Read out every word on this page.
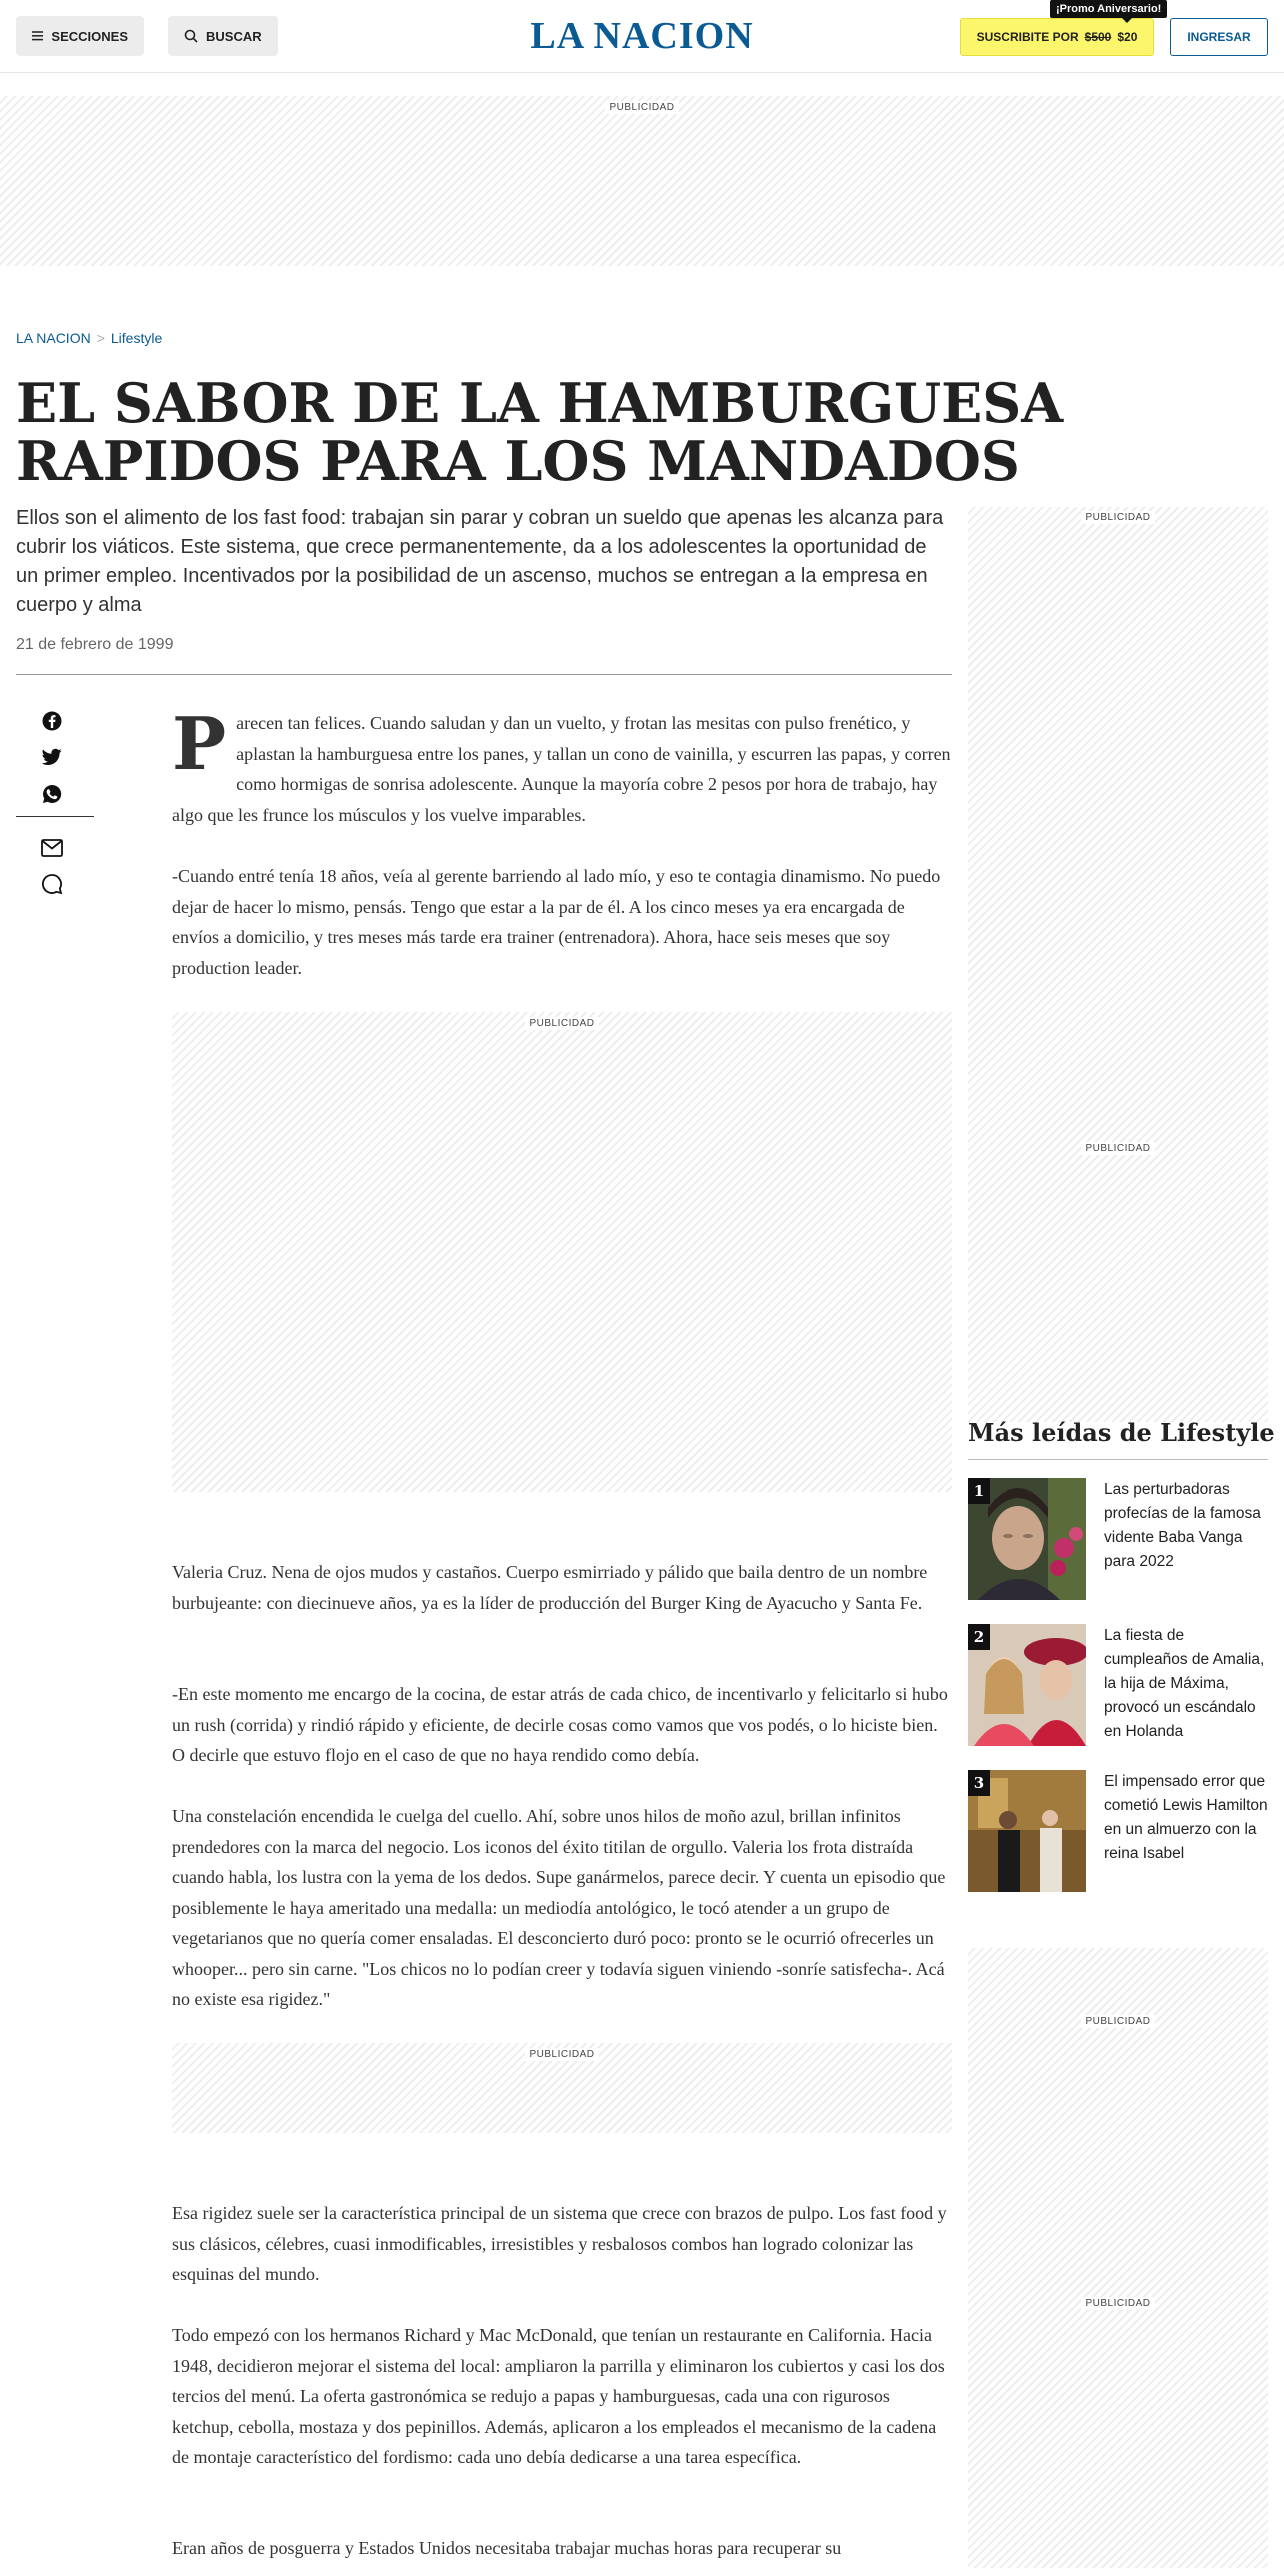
SECCIONES	BUSCAR	LA NACION	SUSCRIBITE POR $500 $20
¡Promo Aniversario!
INGRESAR
PUBLICIDAD
LA NACION > Lifestyle
EL SABOR DE LA HAMBURGUESA RAPIDOS PARA LOS MANDADOS

Ellos son el alimento de los fast food: trabajan sin parar y cobran un sueldo que apenas les alcanza para cubrir los viáticos. Este sistema, que crece permanentemente, da a los adolescentes la oportunidad de un primer empleo. Incentivados por la posibilidad de un ascenso, muchos se entregan a la empresa en cuerpo y alma

21 de febrero de 1999

Parecen tan felices. Cuando saludan y dan un vuelto, y frotan las mesitas con pulso frenético, y aplastan la hamburguesa entre los panes, y tallan un cono de vainilla, y escurren las papas, y corren como hormigas de sonrisa adolescente. Aunque la mayoría cobre 2 pesos por hora de trabajo, hay algo que les frunce los músculos y los vuelve imparables.

-Cuando entré tenía 18 años, veía al gerente barriendo al lado mío, y eso te contagia dinamismo. No puedo dejar de hacer lo mismo, pensás. Tengo que estar a la par de él. A los cinco meses ya era encargada de envíos a domicilio, y tres meses más tarde era trainer (entrenadora). Ahora, hace seis meses que soy production leader.

PUBLICIDAD

Valeria Cruz. Nena de ojos mudos y castaños. Cuerpo esmirriado y pálido que baila dentro de un nombre burbujeante: con diecinueve años, ya es la líder de producción del Burger King de Ayacucho y Santa Fe.

-En este momento me encargo de la cocina, de estar atrás de cada chico, de incentivarlo y felicitarlo si hubo un rush (corrida) y rindió rápido y eficiente, de decirle cosas como vamos que vos podés, o lo hiciste bien. O decirle que estuvo flojo en el caso de que no haya rendido como debía.

Una constelación encendida le cuelga del cuello. Ahí, sobre unos hilos de moño azul, brillan infinitos prendedores con la marca del negocio. Los iconos del éxito titilan de orgullo. Valeria los frota distraída cuando habla, los lustra con la yema de los dedos. Supe ganármelos, parece decir. Y cuenta un episodio que posiblemente le haya ameritado una medalla: un mediodía antológico, le tocó atender a un grupo de vegetarianos que no quería comer ensaladas. El desconcierto duró poco: pronto se le ocurrió ofrecerles un whooper... pero sin carne. "Los chicos no lo podían creer y todavía siguen viniendo -sonríe satisfecha-. Acá no existe esa rigidez."

PUBLICIDAD

Esa rigidez suele ser la característica principal de un sistema que crece con brazos de pulpo. Los fast food y sus clásicos, célebres, cuasi inmodificables, irresistibles y resbalosos combos han logrado colonizar las esquinas del mundo.

Todo empezó con los hermanos Richard y Mac McDonald, que tenían un restaurante en California. Hacia 1948, decidieron mejorar el sistema del local: ampliaron la parrilla y eliminaron los cubiertos y casi los dos tercios del menú. La oferta gastronómica se redujo a papas y hamburguesas, cada una con rigurosos ketchup, cebolla, mostaza y dos pepinillos. Además, aplicaron a los empleados el mecanismo de la cadena de montaje característico del fordismo: cada uno debía dedicarse a una tarea específica.

Eran años de posguerra y Estados Unidos necesitaba trabajar muchas horas para recuperar su

PUBLICIDAD
PUBLICIDAD
Más leídas de Lifestyle
1	Las perturbadoras profecías de la famosa vidente Baba Vanga para 2022
2	La fiesta de cumpleaños de Amalia, la hija de Máxima, provocó un escándalo en Holanda
3	El impensado error que cometió Lewis Hamilton en un almuerzo con la reina Isabel
PUBLICIDAD
PUBLICIDAD
